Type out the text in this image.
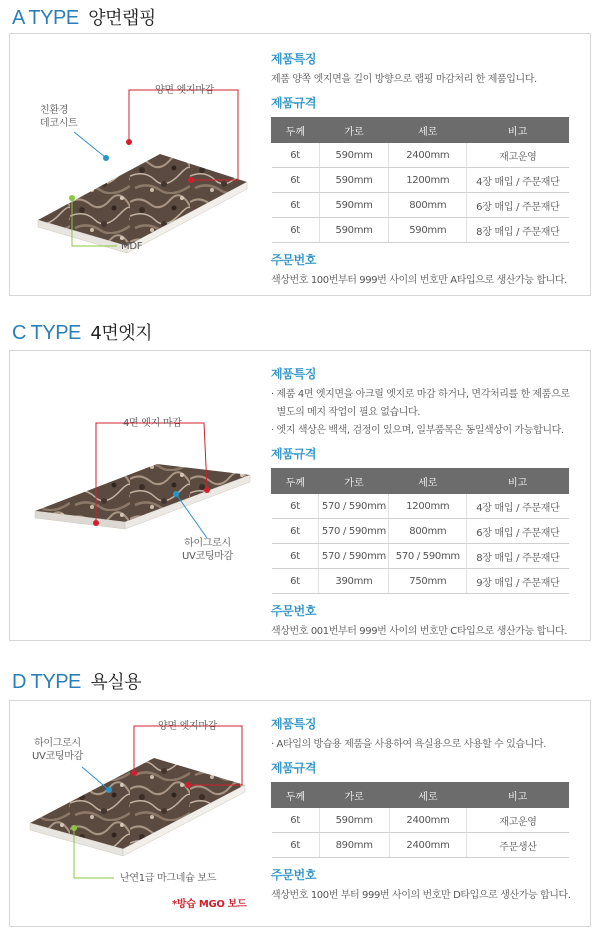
A TYPE 양면랩핑
친환경
데코시트
양면 엣지마감
MDF
제품특징
제품 양쪽 엣지면을 길이 방향으로 랩핑 마감처리 한 제품입니다.
제품규격
두께	가로	세로	비고
6t	590mm	2400mm	재고운영
6t	590mm	1200mm	4장 매입 / 주문재단
6t	590mm	800mm	6장 매입 / 주문재단
6t	590mm	590mm	8장 매입 / 주문재단
주문번호
색상번호 100번부터 999번 사이의 번호만 A타입으로 생산가능 합니다.
C TYPE 4면엣지
4면 엣지 마감
하이그로시
UV코팅마감
제품특징
· 제품 4면 엣지면을 아크릴 엣지로 마감 하거나, 면각처리를 한 제품으로
별도의 메지 작업이 필요 없습니다.
· 엣지 색상은 백색, 검정이 있으며, 일부품목은 동일색상이 가능합니다.
제품규격
두께	가로	세로	비고
6t	570 / 590mm	1200mm	4장 매입 / 주문재단
6t	570 / 590mm	800mm	6장 매입 / 주문재단
6t	570 / 590mm	570 / 590mm	8장 매입 / 주문재단
6t	390mm	750mm	9장 매입 / 주문재단
주문번호
색상번호 001번부터 999번 사이의 번호만 C타입으로 생산가능 합니다.
D TYPE 욕실용
하이그로시
UV코팅마감
양면 엣지마감
난연1급 마그네슘 보드
*방습 MGO 보드
제품특징
· A타입의 방습용 제품을 사용하여 욕실용으로 사용할 수 있습니다.
제품규격
두께	가로	세로	비고
6t	590mm	2400mm	재고운영
6t	890mm	2400mm	주문생산
주문번호
색상번호 100번 부터 999번 사이의 번호만 D타입으로 생산가능 합니다.
